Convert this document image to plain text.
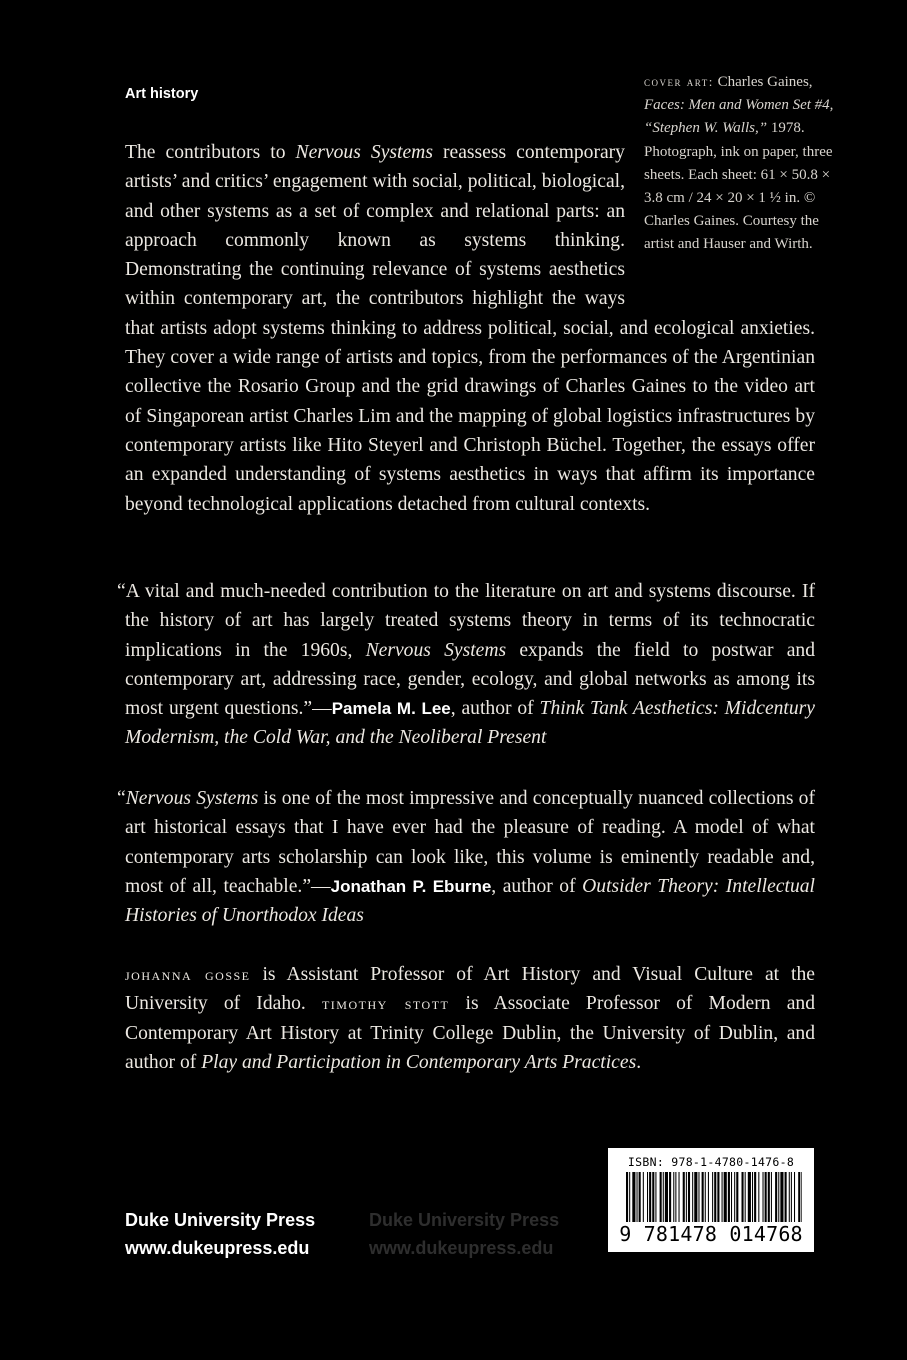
Art history

cover art: Charles Gaines, Faces: Men and Women Set #4, “Stephen W. Walls,” 1978. Photograph, ink on paper, three sheets. Each sheet: 61 × 50.8 × 3.8 cm / 24 × 20 × 1 ½ in. © Charles Gaines. Courtesy the artist and Hauser and Wirth.

The contributors to Nervous Systems reassess contemporary artists’ and critics’ engagement with social, political, biological, and other systems as a set of complex and relational parts: an approach commonly known as systems thinking. Demonstrating the continuing relevance of systems aesthetics within contemporary art, the contributors highlight the ways that artists adopt systems thinking to address political, social, and ecological anxieties. They cover a wide range of artists and topics, from the performances of the Argentinian collective the Rosario Group and the grid drawings of Charles Gaines to the video art of Singaporean artist Charles Lim and the mapping of global logistics infrastructures by contemporary artists like Hito Steyerl and Christoph Büchel. Together, the essays offer an expanded understanding of systems aesthetics in ways that affirm its importance beyond technological applications detached from cultural contexts.

“A vital and much-needed contribution to the literature on art and systems discourse. If the history of art has largely treated systems theory in terms of its technocratic implications in the 1960s, Nervous Systems expands the field to postwar and contemporary art, addressing race, gender, ecology, and global networks as among its most urgent questions.”—Pamela M. Lee, author of Think Tank Aesthetics: Midcentury Modernism, the Cold War, and the Neoliberal Present

“Nervous Systems is one of the most impressive and conceptually nuanced collections of art historical essays that I have ever had the pleasure of reading. A model of what contemporary arts scholarship can look like, this volume is eminently readable and, most of all, teachable.”—Jonathan P. Eburne, author of Outsider Theory: Intellectual Histories of Unorthodox Ideas

johanna gosse is Assistant Professor of Art History and Visual Culture at the University of Idaho. timothy stott is Associate Professor of Modern and Contemporary Art History at Trinity College Dublin, the University of Dublin, and author of Play and Participation in Contemporary Arts Practices.

Duke University Press
www.dukeupress.edu
Duke University Press
www.dukeupress.edu
ISBN: 978-1-4780-1476-8
9 781478 014768
